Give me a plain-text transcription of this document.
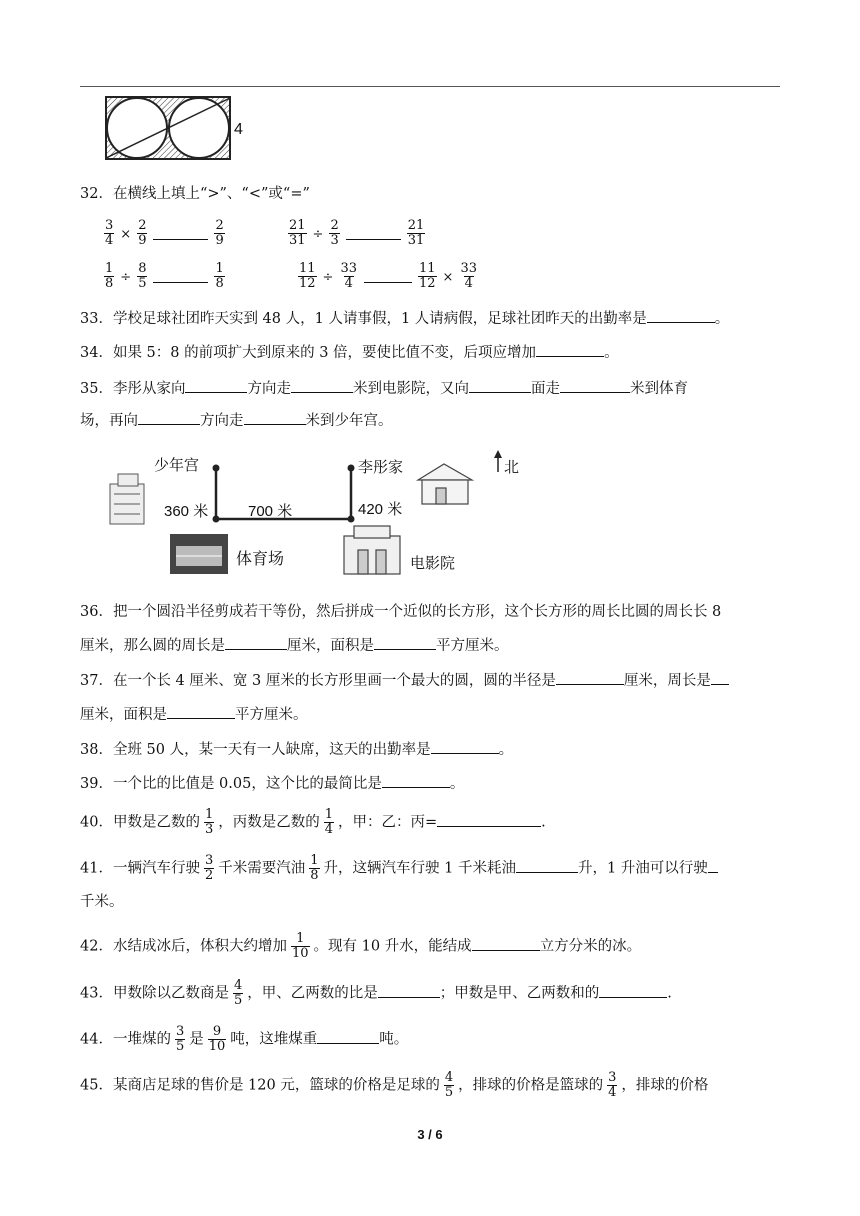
4
32．在横线上填上“>”、“<”或“=”
$\frac{3}{4} \times \frac{2}{9}$	$\frac{2}{9}$	$\frac{21}{31} \div \frac{2}{3}$	$\frac{21}{31}$
$\frac{1}{8} \div \frac{8}{5}$	$\frac{1}{8}$	$\frac{11}{12} \div \frac{33}{4}$	$\frac{11}{12} \times \frac{33}{4}$
33．学校足球社团昨天实到 48 人，1 人请事假，1 人请病假，足球社团昨天的出勤率是	。
34．如果 5：8 的前项扩大到原来的 3 倍，要使比值不变，后项应增加	。
35．李彤从家向	方向走	米到电影院，又向	面走	米到体育
场，再向	方向走	米到少年宫。
少年宫	李彤家	北
360 米	700 米	420 米
体育场	电影院
36．把一个圆沿半径剪成若干等份，然后拼成一个近似的长方形，这个长方形的周长比圆的周长长 8
厘米，那么圆的周长是	厘米，面积是	平方厘米。
37．在一个长 4 厘米、宽 3 厘米的长方形里画一个最大的圆，圆的半径是	厘米，周长是
厘米，面积是	平方厘米。
38．全班 50 人，某一天有一人缺席，这天的出勤率是	。
39．一个比的比值是 0.05，这个比的最简比是	。
40．甲数是乙数的 $\frac{1}{3}$ ，丙数是乙数的 $\frac{1}{4}$ ，甲：乙：丙=	.
41．一辆汽车行驶 $\frac{3}{2}$ 千米需要汽油 $\frac{1}{8}$ 升，这辆汽车行驶 1 千米耗油	升，1 升油可以行驶
千米。
42．水结成冰后，体积大约增加 $\frac{1}{10}$ 。现有 10 升水，能结成	立方分米的冰。
43．甲数除以乙数商是 $\frac{4}{5}$ ，甲、乙两数的比是	；甲数是甲、乙两数和的	.
44．一堆煤的 $\frac{3}{5}$ 是 $\frac{9}{10}$ 吨，这堆煤重	吨。
45．某商店足球的售价是 120 元，篮球的价格是足球的 $\frac{4}{5}$ ，排球的价格是篮球的 $\frac{3}{4}$ ，排球的价格
3 / 6
